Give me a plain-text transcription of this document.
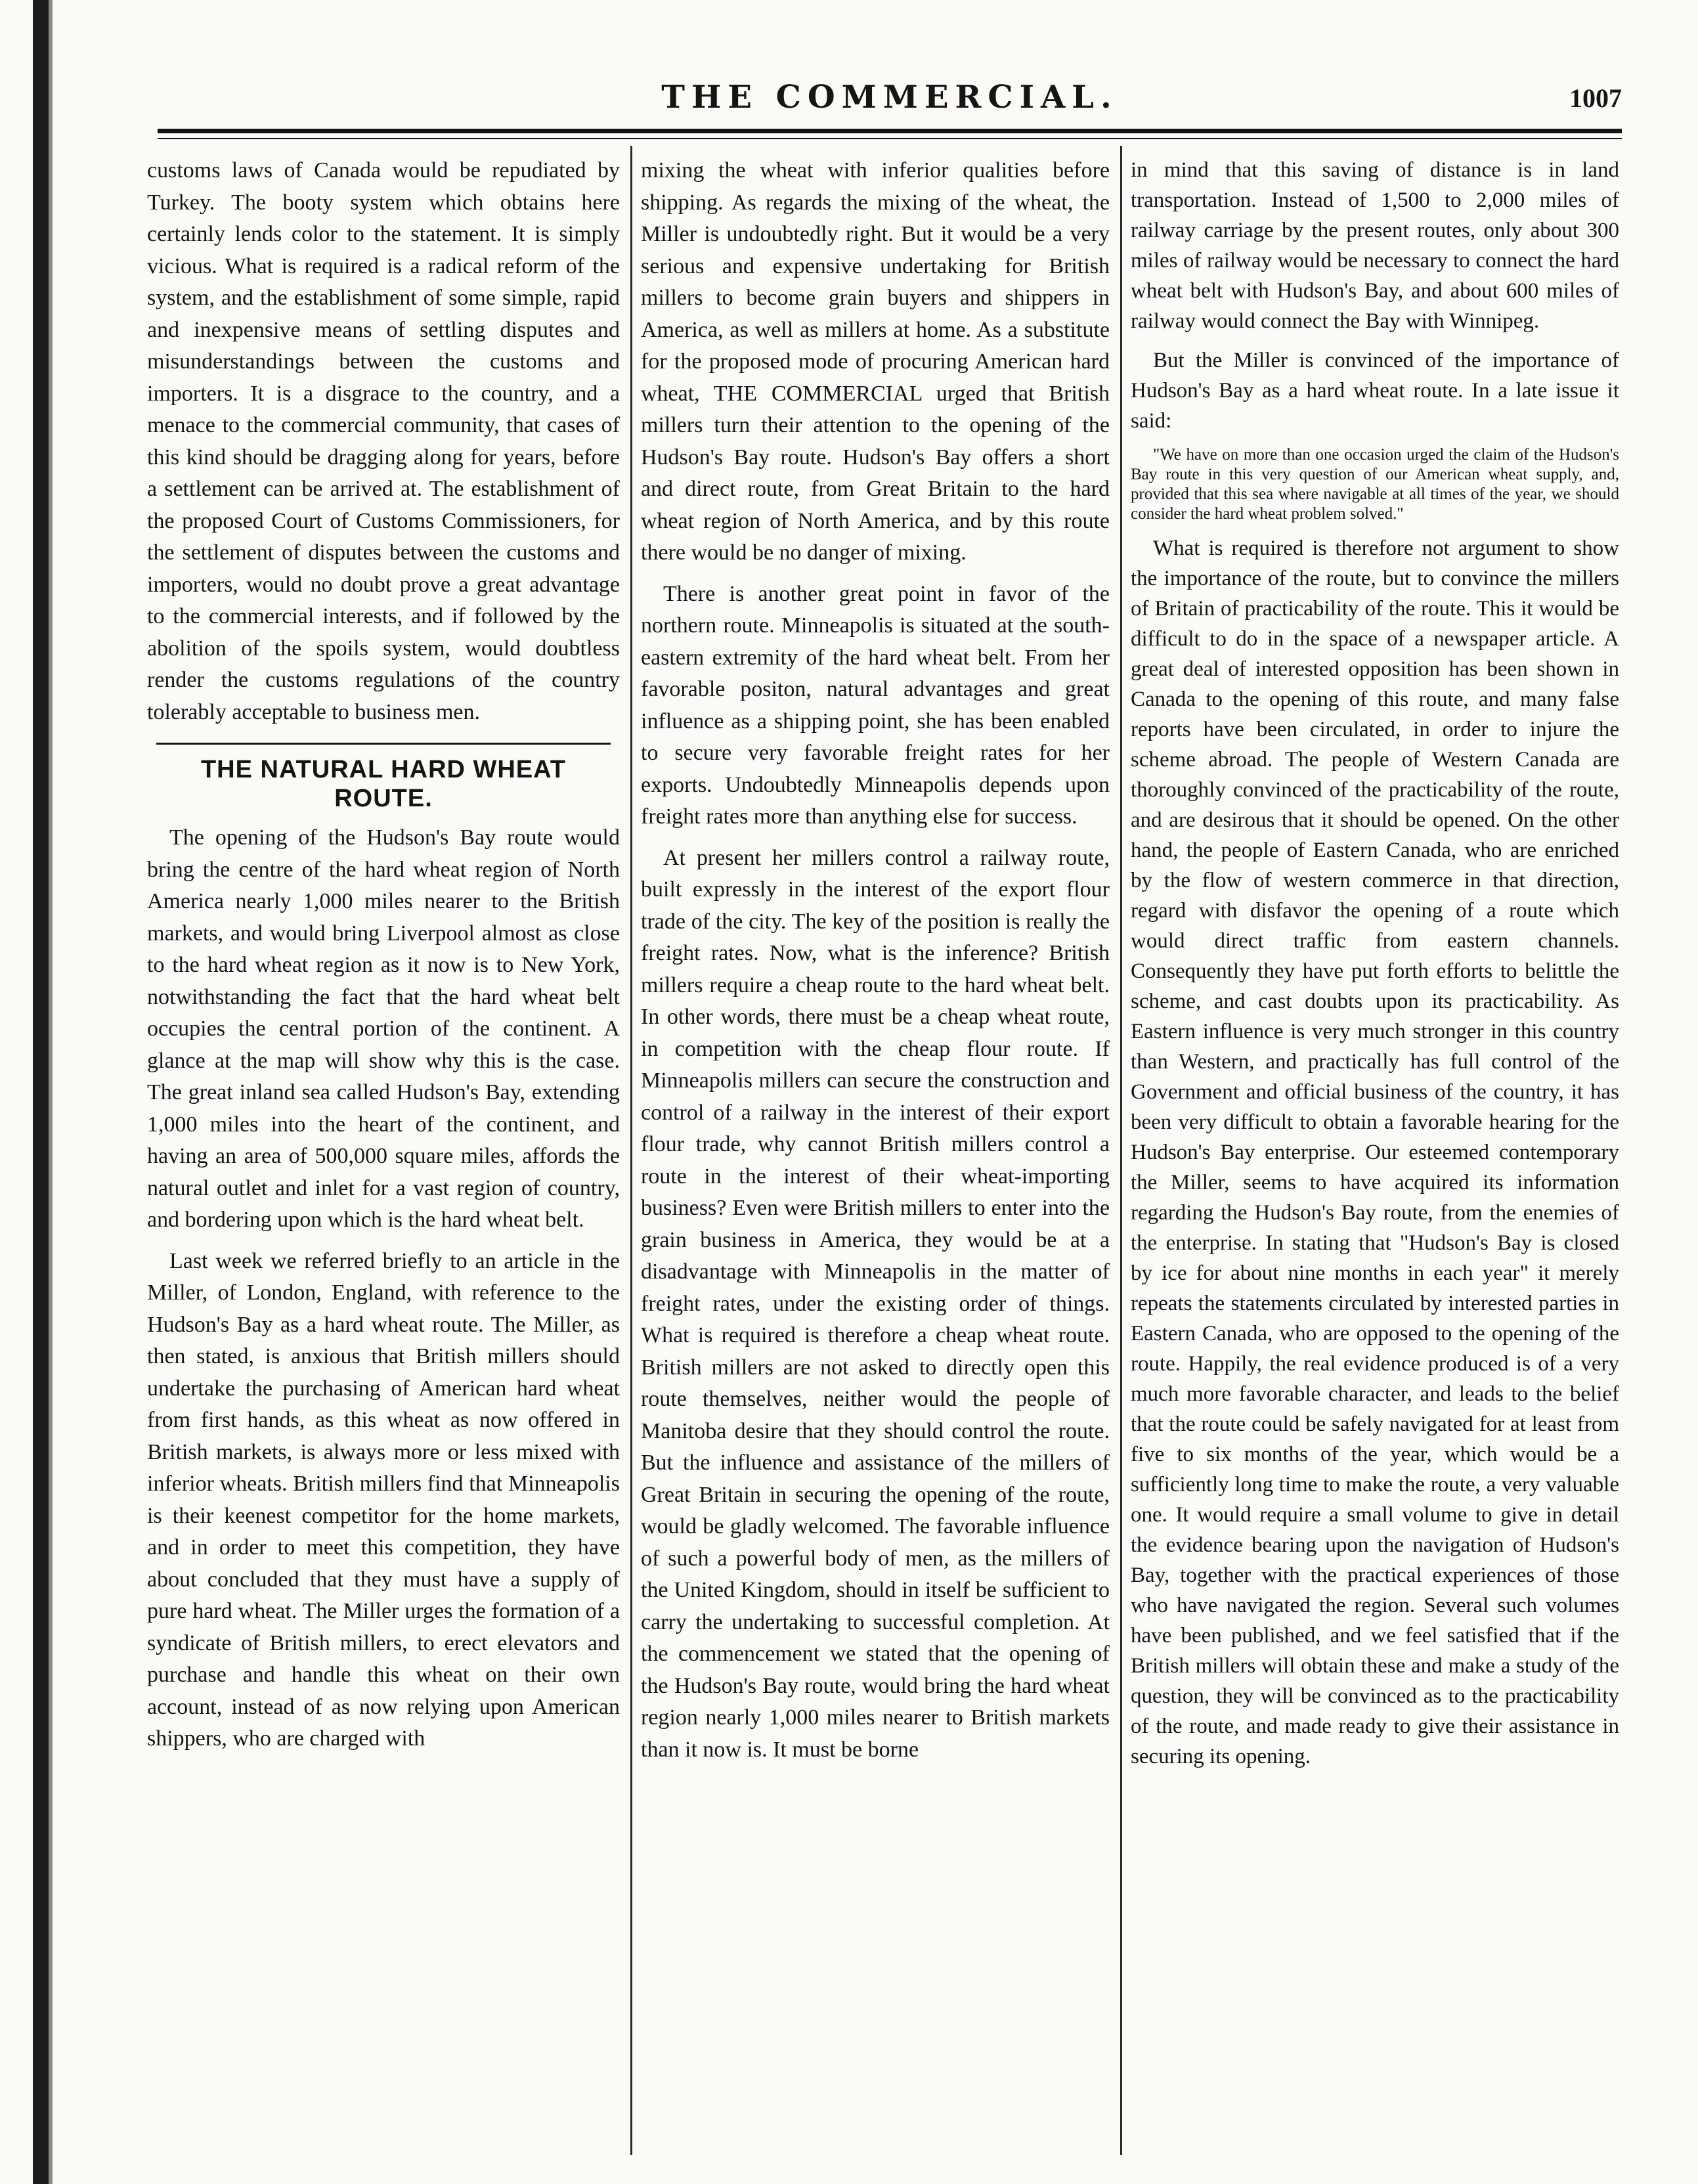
THE COMMERCIAL.	1007

customs laws of Canada would be repudiated by Turkey. The booty system which obtains here certainly lends color to the statement. It is simply vicious. What is required is a radical reform of the system, and the establishment of some simple, rapid and inexpensive means of settling disputes and misunderstandings between the customs and importers. It is a disgrace to the country, and a menace to the commercial community, that cases of this kind should be dragging along for years, before a settlement can be arrived at. The establishment of the proposed Court of Customs Commissioners, for the settlement of disputes between the customs and importers, would no doubt prove a great advantage to the commercial interests, and if followed by the abolition of the spoils system, would doubtless render the customs regulations of the country tolerably acceptable to business men.

THE NATURAL HARD WHEAT ROUTE.

The opening of the Hudson's Bay route would bring the centre of the hard wheat region of North America nearly 1,000 miles nearer to the British markets, and would bring Liverpool almost as close to the hard wheat region as it now is to New York, notwithstanding the fact that the hard wheat belt occupies the central portion of the continent. A glance at the map will show why this is the case. The great inland sea called Hudson's Bay, extending 1,000 miles into the heart of the continent, and having an area of 500,000 square miles, affords the natural outlet and inlet for a vast region of country, and bordering upon which is the hard wheat belt.

Last week we referred briefly to an article in the Miller, of London, England, with reference to the Hudson's Bay as a hard wheat route. The Miller, as then stated, is anxious that British millers should undertake the purchasing of American hard wheat from first hands, as this wheat as now offered in British markets, is always more or less mixed with inferior wheats. British millers find that Minneapolis is their keenest competitor for the home markets, and in order to meet this competition, they have about concluded that they must have a supply of pure hard wheat. The Miller urges the formation of a syndicate of British millers, to erect elevators and purchase and handle this wheat on their own account, instead of as now relying upon American shippers, who are charged with

mixing the wheat with inferior qualities before shipping. As regards the mixing of the wheat, the Miller is undoubtedly right. But it would be a very serious and expensive undertaking for British millers to become grain buyers and shippers in America, as well as millers at home. As a substitute for the proposed mode of procuring American hard wheat, THE COMMERCIAL urged that British millers turn their attention to the opening of the Hudson's Bay route. Hudson's Bay offers a short and direct route, from Great Britain to the hard wheat region of North America, and by this route there would be no danger of mixing.

There is another great point in favor of the northern route. Minneapolis is situated at the south-eastern extremity of the hard wheat belt. From her favorable positon, natural advantages and great influence as a shipping point, she has been enabled to secure very favorable freight rates for her exports. Undoubtedly Minneapolis depends upon freight rates more than anything else for success.

At present her millers control a railway route, built expressly in the interest of the export flour trade of the city. The key of the position is really the freight rates. Now, what is the inference? British millers require a cheap route to the hard wheat belt. In other words, there must be a cheap wheat route, in competition with the cheap flour route. If Minneapolis millers can secure the construction and control of a railway in the interest of their export flour trade, why cannot British millers control a route in the interest of their wheat-importing business? Even were British millers to enter into the grain business in America, they would be at a disadvantage with Minneapolis in the matter of freight rates, under the existing order of things. What is required is therefore a cheap wheat route. British millers are not asked to directly open this route themselves, neither would the people of Manitoba desire that they should control the route. But the influence and assistance of the millers of Great Britain in securing the opening of the route, would be gladly welcomed. The favorable influence of such a powerful body of men, as the millers of the United Kingdom, should in itself be sufficient to carry the undertaking to successful completion. At the commencement we stated that the opening of the Hudson's Bay route, would bring the hard wheat region nearly 1,000 miles nearer to British markets than it now is. It must be borne

in mind that this saving of distance is in land transportation. Instead of 1,500 to 2,000 miles of railway carriage by the present routes, only about 300 miles of railway would be necessary to connect the hard wheat belt with Hudson's Bay, and about 600 miles of railway would connect the Bay with Winnipeg.

But the Miller is convinced of the importance of Hudson's Bay as a hard wheat route. In a late issue it said:

"We have on more than one occasion urged the claim of the Hudson's Bay route in this very question of our American wheat supply, and, provided that this sea where navigable at all times of the year, we should consider the hard wheat problem solved."

What is required is therefore not argument to show the importance of the route, but to convince the millers of Britain of practicability of the route. This it would be difficult to do in the space of a newspaper article. A great deal of interested opposition has been shown in Canada to the opening of this route, and many false reports have been circulated, in order to injure the scheme abroad. The people of Western Canada are thoroughly convinced of the practicability of the route, and are desirous that it should be opened. On the other hand, the people of Eastern Canada, who are enriched by the flow of western commerce in that direction, regard with disfavor the opening of a route which would direct traffic from eastern channels. Consequently they have put forth efforts to belittle the scheme, and cast doubts upon its practicability. As Eastern influence is very much stronger in this country than Western, and practically has full control of the Government and official business of the country, it has been very difficult to obtain a favorable hearing for the Hudson's Bay enterprise. Our esteemed contemporary the Miller, seems to have acquired its information regarding the Hudson's Bay route, from the enemies of the enterprise. In stating that "Hudson's Bay is closed by ice for about nine months in each year" it merely repeats the statements circulated by interested parties in Eastern Canada, who are opposed to the opening of the route. Happily, the real evidence produced is of a very much more favorable character, and leads to the belief that the route could be safely navigated for at least from five to six months of the year, which would be a sufficiently long time to make the route, a very valuable one. It would require a small volume to give in detail the evidence bearing upon the navigation of Hudson's Bay, together with the practical experiences of those who have navigated the region. Several such volumes have been published, and we feel satisfied that if the British millers will obtain these and make a study of the question, they will be convinced as to the practicability of the route, and made ready to give their assistance in securing its opening.
